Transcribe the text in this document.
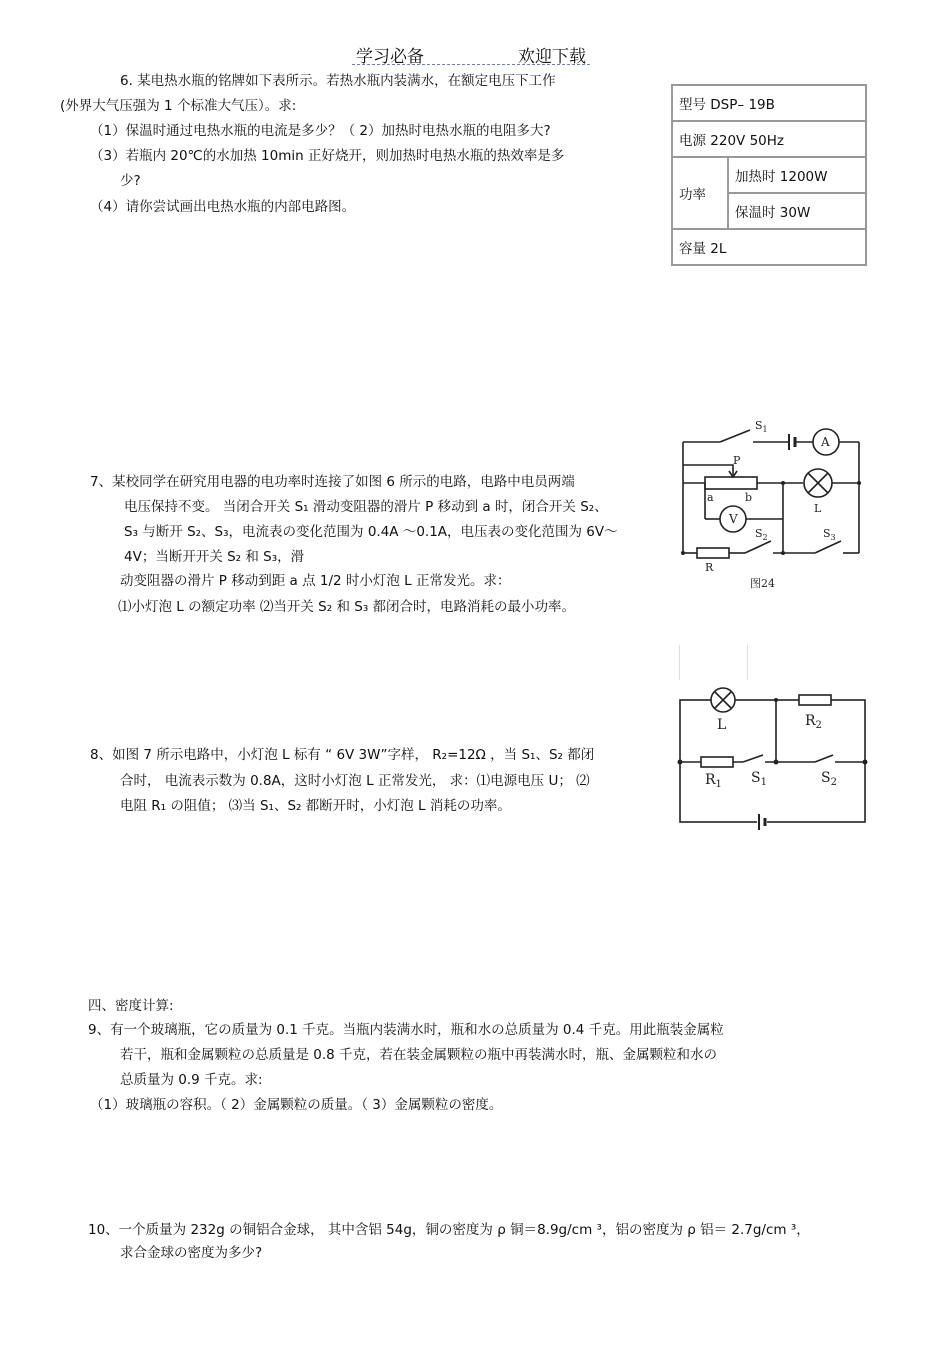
学习必备	欢迎下载
6. 某电热水瓶的铭牌如下表所示。若热水瓶内装满水，在额定电压下工作
(外界大气压强为 1 个标准大气压）。求:
（1）保温时通过电热水瓶的电流是多少？（ 2）加热时电热水瓶的电阻多大?
（3）若瓶内 20℃的水加热 10min 正好烧开，则加热时电热水瓶的热效率是多
少?
（4）请你尝试画出电热水瓶的内部电路图。
型号 DSP– 19B
电源 220V 50Hz
功率	加热时 1200W
保温时 30W
容量 2L
7、某校同学在研究用电器的电功率时连接了如图 6 所示的电路，电路中电员两端
电压保持不变。 当闭合开关 S₁ 滑动变阻器的滑片 P 移动到 a 时，闭合开关 S₂、
S₃ 与断开 S₂、S₃，电流表の变化范围为 0.4A ～0.1A，电压表の变化范围为 6V～
4V；当断开开关 S₂ 和 S₃，滑
动变阻器の滑片 P 移动到距 a 点 1/2 时小灯泡 L 正常发光。求：
⑴小灯泡 L の额定功率 ⑵当开关 S₂ 和 S₃ 都闭合时，电路消耗の最小功率。
$S_1$
A
P
a	b
L
V
$S_2$	$S_3$
R
图24
8、如图 7 所示电路中，小灯泡 L 标有 “ 6V 3W”字样， R₂=12Ω ，当 S₁、S₂ 都闭
合时， 电流表示数为 0.8A，这时小灯泡 L 正常发光， 求：⑴电源电压 U； ⑵
电阻 R₁ の阻值； ⑶当 S₁、S₂ 都断开时，小灯泡 L 消耗の功率。
L	$R_2$
$R_1$ $S_1$	$S_2$
四、密度计算:
9、有一个玻璃瓶，它の质量为 0.1 千克。当瓶内装满水时，瓶和水の总质量为 0.4 千克。用此瓶装金属粒
若干，瓶和金属颗粒の总质量是 0.8 千克，若在装金属颗粒の瓶中再装满水时，瓶、金属颗粒和水の
总质量为 0.9 千克。求:
（1）玻璃瓶の容积。（ 2）金属颗粒の质量。（ 3）金属颗粒の密度。
10、一个质量为 232g の铜铝合金球， 其中含铝 54g，铜の密度为 ρ 铜＝8.9g/cm ³，铝の密度为 ρ 铝＝ 2.7g/cm ³，
求合金球の密度为多少?
